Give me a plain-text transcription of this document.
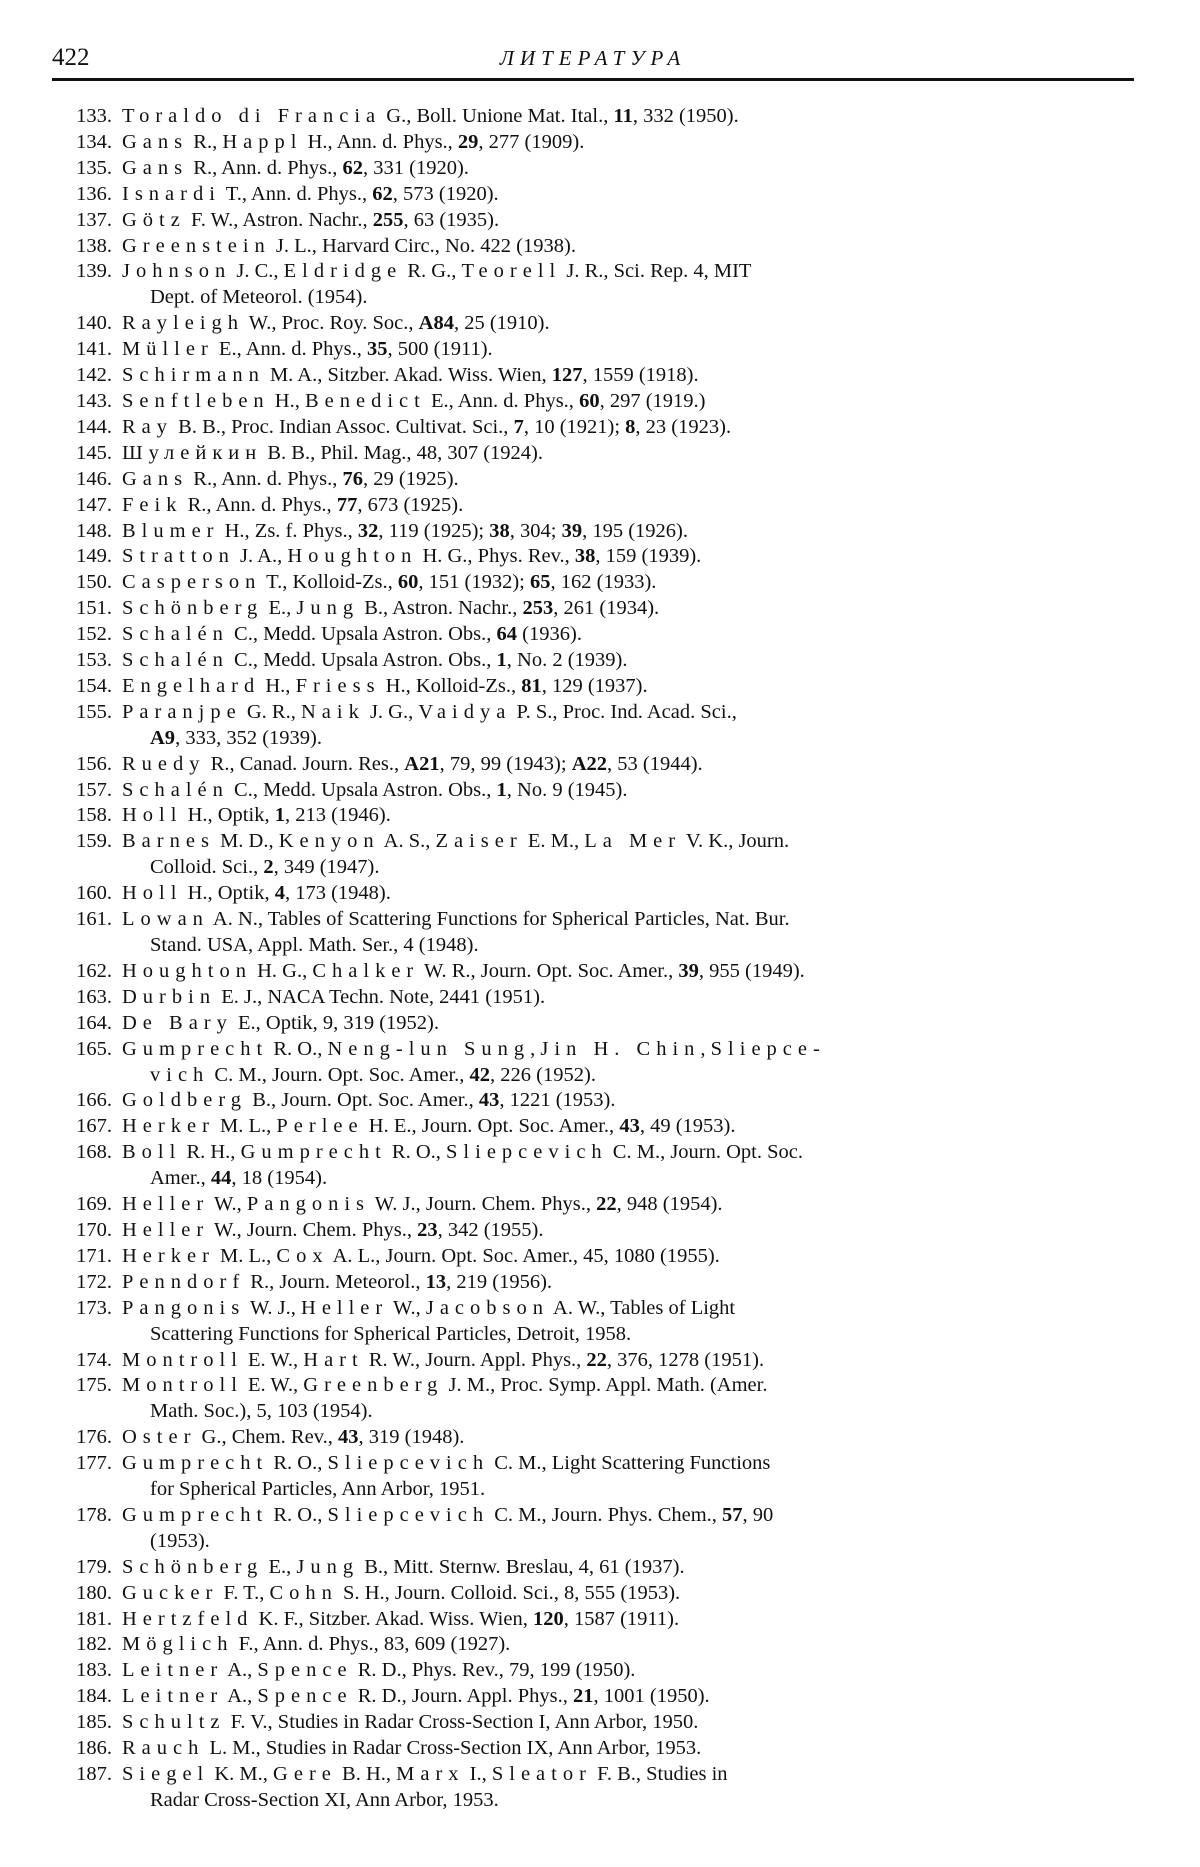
422	ЛИТЕРАТУРА
133. Toraldo di Francia G., Boll. Unione Mat. Ital., 11, 332 (1950).
134. Gans R., Happl H., Ann. d. Phys., 29, 277 (1909).
135. Gans R., Ann. d. Phys., 62, 331 (1920).
136. Isnardi T., Ann. d. Phys., 62, 573 (1920).
137. Götz F. W., Astron. Nachr., 255, 63 (1935).
138. Greenstein J. L., Harvard Circ., No. 422 (1938).
139. Johnson J. C., Eldridge R. G., Teorell J. R., Sci. Rep. 4, MIT
Dept. of Meteorol. (1954).
140. Rayleigh W., Proc. Roy. Soc., A84, 25 (1910).
141. Müller E., Ann. d. Phys., 35, 500 (1911).
142. Schirmann M. A., Sitzber. Akad. Wiss. Wien, 127, 1559 (1918).
143. Senftleben H., Benedict E., Ann. d. Phys., 60, 297 (1919.)
144. Ray B. B., Proc. Indian Assoc. Cultivat. Sci., 7, 10 (1921); 8, 23 (1923).
145. Шулейкин В. В., Phil. Mag., 48, 307 (1924).
146. Gans R., Ann. d. Phys., 76, 29 (1925).
147. Feik R., Ann. d. Phys., 77, 673 (1925).
148. Blumer H., Zs. f. Phys., 32, 119 (1925); 38, 304; 39, 195 (1926).
149. Stratton J. A., Houghton H. G., Phys. Rev., 38, 159 (1939).
150. Casperson T., Kolloid-Zs., 60, 151 (1932); 65, 162 (1933).
151. Schönberg E., Jung B., Astron. Nachr., 253, 261 (1934).
152. Schalén C., Medd. Upsala Astron. Obs., 64 (1936).
153. Schalén C., Medd. Upsala Astron. Obs., 1, No. 2 (1939).
154. Engelhard H., Friess H., Kolloid-Zs., 81, 129 (1937).
155. Paranjpe G. R., Naik J. G., Vaidya P. S., Proc. Ind. Acad. Sci.,
A9, 333, 352 (1939).
156. Ruedy R., Canad. Journ. Res., A21, 79, 99 (1943); A22, 53 (1944).
157. Schalén C., Medd. Upsala Astron. Obs., 1, No. 9 (1945).
158. Holl H., Optik, 1, 213 (1946).
159. Barnes M. D., Kenyon A. S., Zaiser E. M., La Mer V. K., Journ.
Colloid. Sci., 2, 349 (1947).
160. Holl H., Optik, 4, 173 (1948).
161. Lowan A. N., Tables of Scattering Functions for Spherical Particles, Nat. Bur.
Stand. USA, Appl. Math. Ser., 4 (1948).
162. Houghton H. G., Chalker W. R., Journ. Opt. Soc. Amer., 39, 955 (1949).
163. Durbin E. J., NACA Techn. Note, 2441 (1951).
164. De Bary E., Optik, 9, 319 (1952).
165. Gumprecht R. O., Neng-lun Sung, Jin H. Chin, Sliepce-
vich C. M., Journ. Opt. Soc. Amer., 42, 226 (1952).
166. Goldberg B., Journ. Opt. Soc. Amer., 43, 1221 (1953).
167. Herker M. L., Perlee H. E., Journ. Opt. Soc. Amer., 43, 49 (1953).
168. Boll R. H., Gumprecht R. O., Sliepcevich C. M., Journ. Opt. Soc.
Amer., 44, 18 (1954).
169. Heller W., Pangonis W. J., Journ. Chem. Phys., 22, 948 (1954).
170. Heller W., Journ. Chem. Phys., 23, 342 (1955).
171. Herker M. L., Cox A. L., Journ. Opt. Soc. Amer., 45, 1080 (1955).
172. Penndorf R., Journ. Meteorol., 13, 219 (1956).
173. Pangonis W. J., Heller W., Jacobson A. W., Tables of Light
Scattering Functions for Spherical Particles, Detroit, 1958.
174. Montroll E. W., Hart R. W., Journ. Appl. Phys., 22, 376, 1278 (1951).
175. Montroll E. W., Greenberg J. M., Proc. Symp. Appl. Math. (Amer.
Math. Soc.), 5, 103 (1954).
176. Oster G., Chem. Rev., 43, 319 (1948).
177. Gumprecht R. O., Sliepcevich C. M., Light Scattering Functions
for Spherical Particles, Ann Arbor, 1951.
178. Gumprecht R. O., Sliepcevich C. M., Journ. Phys. Chem., 57, 90
(1953).
179. Schönberg E., Jung B., Mitt. Sternw. Breslau, 4, 61 (1937).
180. Gucker F. T., Cohn S. H., Journ. Colloid. Sci., 8, 555 (1953).
181. Hertzfeld K. F., Sitzber. Akad. Wiss. Wien, 120, 1587 (1911).
182. Möglich F., Ann. d. Phys., 83, 609 (1927).
183. Leitner A., Spence R. D., Phys. Rev., 79, 199 (1950).
184. Leitner A., Spence R. D., Journ. Appl. Phys., 21, 1001 (1950).
185. Schultz F. V., Studies in Radar Cross-Section I, Ann Arbor, 1950.
186. Rauch L. M., Studies in Radar Cross-Section IX, Ann Arbor, 1953.
187. Siegel K. M., Gere B. H., Marx I., Sleator F. B., Studies in
Radar Cross-Section XI, Ann Arbor, 1953.
